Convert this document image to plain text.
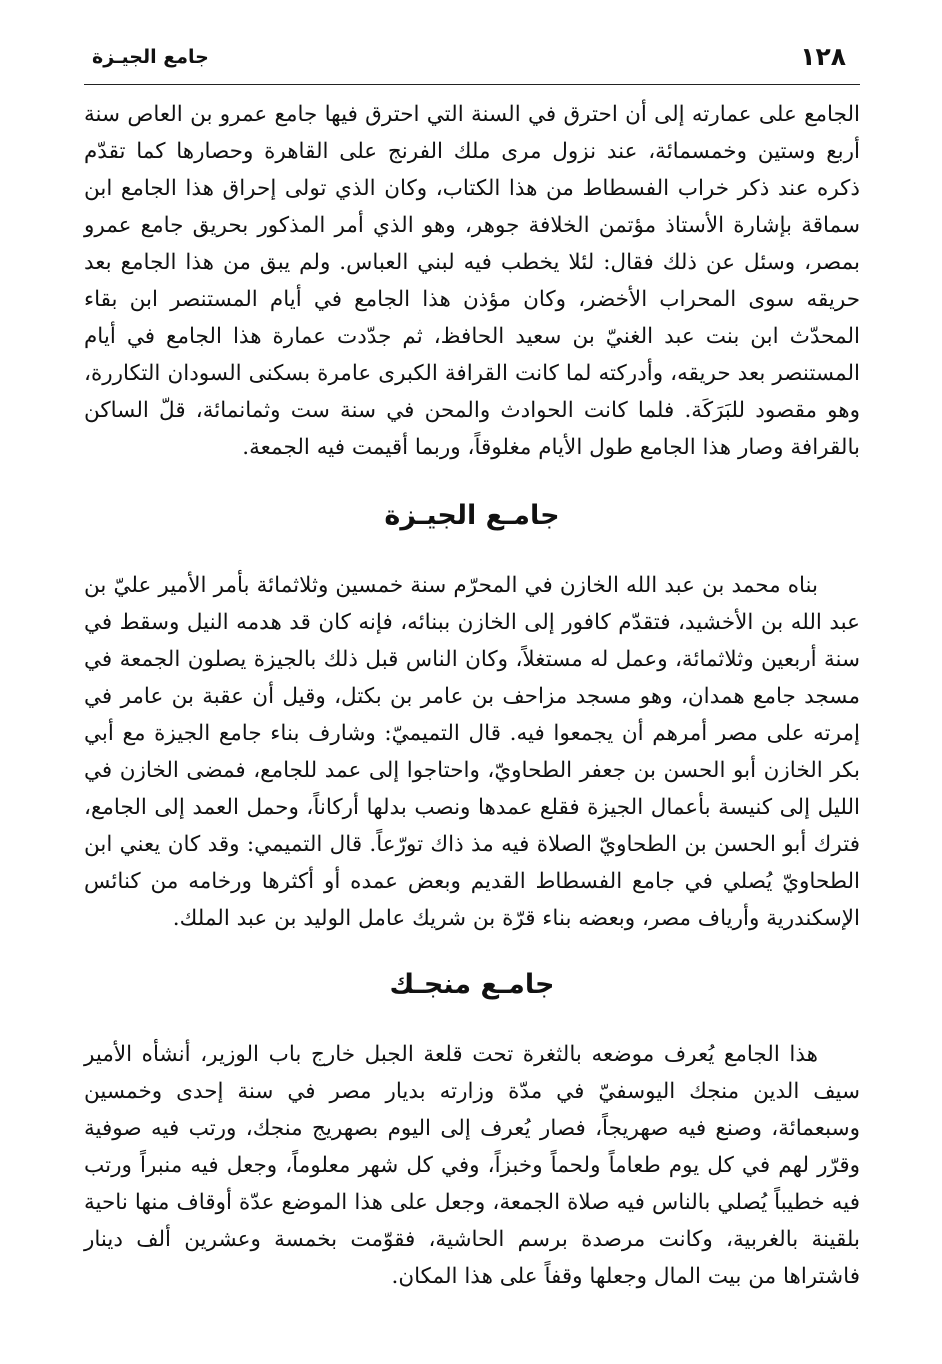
١٢٨
جامع الجيـزة

الجامع على عمارته إلى أن احترق في السنة التي احترق فيها جامع عمرو بن العاص سنة أربع وستين وخمسمائة، عند نزول مرى ملك الفرنج على القاهرة وحصارها كما تقدّم ذكره عند ذكر خراب الفسطاط من هذا الكتاب، وكان الذي تولى إحراق هذا الجامع ابن سماقة بإشارة الأستاذ مؤتمن الخلافة جوهر، وهو الذي أمر المذكور بحريق جامع عمرو بمصر، وسئل عن ذلك فقال: لئلا يخطب فيه لبني العباس. ولم يبق من هذا الجامع بعد حريقه سوى المحراب الأخضر، وكان مؤذن هذا الجامع في أيام المستنصر ابن بقاء المحدّث ابن بنت عبد الغنيّ بن سعيد الحافظ، ثم جدّدت عمارة هذا الجامع في أيام المستنصر بعد حريقه، وأدركته لما كانت القرافة الكبرى عامرة بسكنى السودان التكاررة، وهو مقصود للبَرَكَة. فلما كانت الحوادث والمحن في سنة ست وثمانمائة، قلّ الساكن بالقرافة وصار هذا الجامع طول الأيام مغلوقاً، وربما أقيمت فيه الجمعة.

جامـع الجيـزة

بناه محمد بن عبد الله الخازن في المحرّم سنة خمسين وثلاثمائة بأمر الأمير عليّ بن عبد الله بن الأخشيد، فتقدّم كافور إلى الخازن ببنائه، فإنه كان قد هدمه النيل وسقط في سنة أربعين وثلاثمائة، وعمل له مستغلاً، وكان الناس قبل ذلك بالجيزة يصلون الجمعة في مسجد جامع همدان، وهو مسجد مزاحف بن عامر بن بكتل، وقيل أن عقبة بن عامر في إمرته على مصر أمرهم أن يجمعوا فيه. قال التميميّ: وشارف بناء جامع الجيزة مع أبي بكر الخازن أبو الحسن بن جعفر الطحاويّ، واحتاجوا إلى عمد للجامع، فمضى الخازن في الليل إلى كنيسة بأعمال الجيزة فقلع عمدها ونصب بدلها أركاناً، وحمل العمد إلى الجامع، فترك أبو الحسن بن الطحاويّ الصلاة فيه مذ ذاك تورّعاً. قال التميمي: وقد كان يعني ابن الطحاويّ يُصلي في جامع الفسطاط القديم وبعض عمده أو أكثرها ورخامه من كنائس الإسكندرية وأرياف مصر، وبعضه بناء قرّة بن شريك عامل الوليد بن عبد الملك.

جامـع منجـك

هذا الجامع يُعرف موضعه بالثغرة تحت قلعة الجبل خارج باب الوزير، أنشأه الأمير سيف الدين منجك اليوسفيّ في مدّة وزارته بديار مصر في سنة إحدى وخمسين وسبعمائة، وصنع فيه صهريجاً، فصار يُعرف إلى اليوم بصهريج منجك، ورتب فيه صوفية وقرّر لهم في كل يوم طعاماً ولحماً وخبزاً، وفي كل شهر معلوماً، وجعل فيه منبراً ورتب فيه خطيباً يُصلي بالناس فيه صلاة الجمعة، وجعل على هذا الموضع عدّة أوقاف منها ناحية بلقينة بالغربية، وكانت مرصدة برسم الحاشية، فقوّمت بخمسة وعشرين ألف دينار فاشتراها من بيت المال وجعلها وقفاً على هذا المكان.
